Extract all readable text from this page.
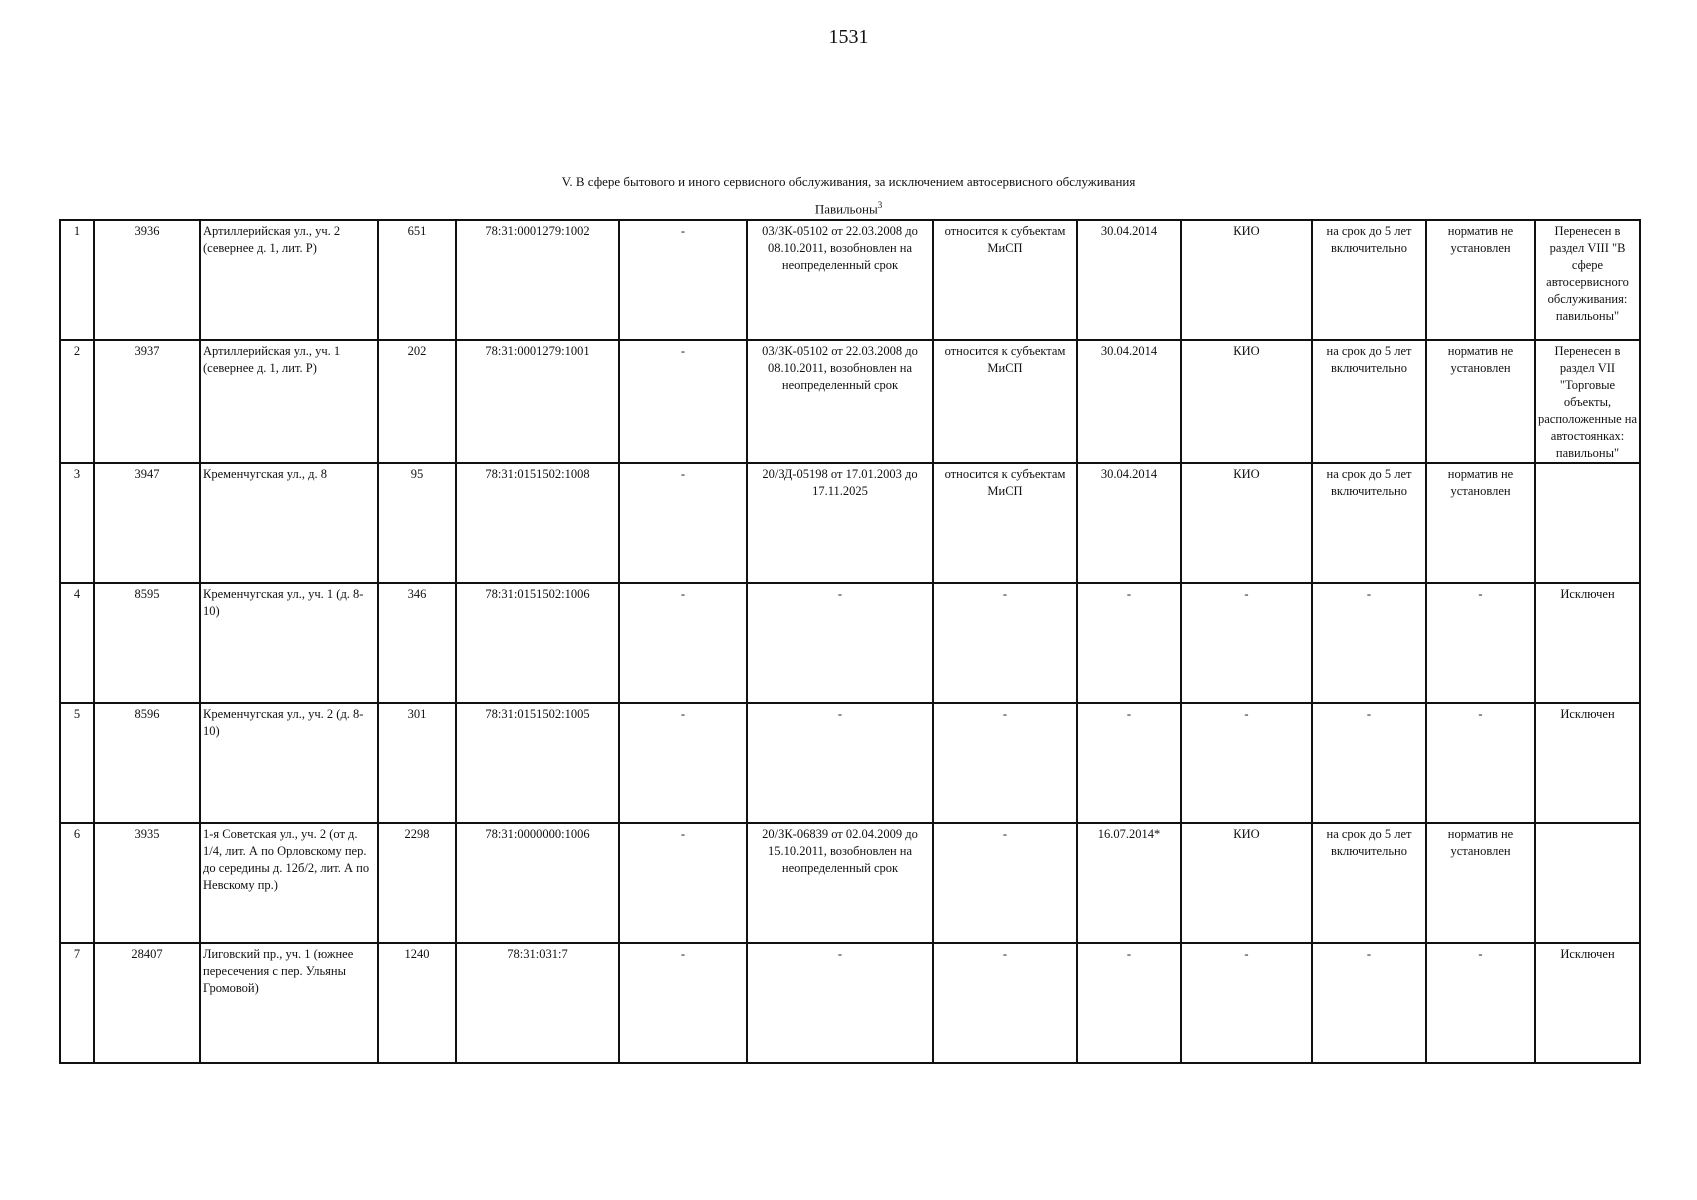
1531
V. В сфере бытового и иного сервисного обслуживания, за исключением автосервисного обслуживания
Павильоны$^3$
1	3936	Артиллерийская ул., уч. 2 (севернее д. 1, лит. Р)	651	78:31:0001279:1002	-	03/ЗК-05102 от 22.03.2008 до 08.10.2011, возобновлен на неопределенный срок	относится к субъектам МиСП	30.04.2014	КИО	на срок до 5 лет включительно	норматив не установлен	Перенесен в раздел VIII "В сфере автосервисного обслуживания: павильоны"
2	3937	Артиллерийская ул., уч. 1 (севернее д. 1, лит. Р)	202	78:31:0001279:1001	-	03/ЗК-05102 от 22.03.2008 до 08.10.2011, возобновлен на неопределенный срок	относится к субъектам МиСП	30.04.2014	КИО	на срок до 5 лет включительно	норматив не установлен	Перенесен в раздел VII "Торговые объекты, расположенные на автостоянках: павильоны"
3	3947	Кременчугская ул., д. 8	95	78:31:0151502:1008	-	20/ЗД-05198 от 17.01.2003 до 17.11.2025	относится к субъектам МиСП	30.04.2014	КИО	на срок до 5 лет включительно	норматив не установлен	
4	8595	Кременчугская ул., уч. 1 (д. 8-10)	346	78:31:0151502:1006	-	-	-	-	-	-	-	Исключен
5	8596	Кременчугская ул., уч. 2 (д. 8-10)	301	78:31:0151502:1005	-	-	-	-	-	-	-	Исключен
6	3935	1-я Советская ул., уч. 2 (от д. 1/4, лит. А по Орловскому пер. до середины д. 12б/2, лит. А по Невскому пр.)	2298	78:31:0000000:1006	-	20/ЗК-06839 от 02.04.2009 до 15.10.2011, возобновлен на неопределенный срок	-	16.07.2014*	КИО	на срок до 5 лет включительно	норматив не установлен	
7	28407	Лиговский пр., уч. 1 (южнее пересечения с пер. Ульяны Громовой)	1240	78:31:031:7	-	-	-	-	-	-	-	Исключен
